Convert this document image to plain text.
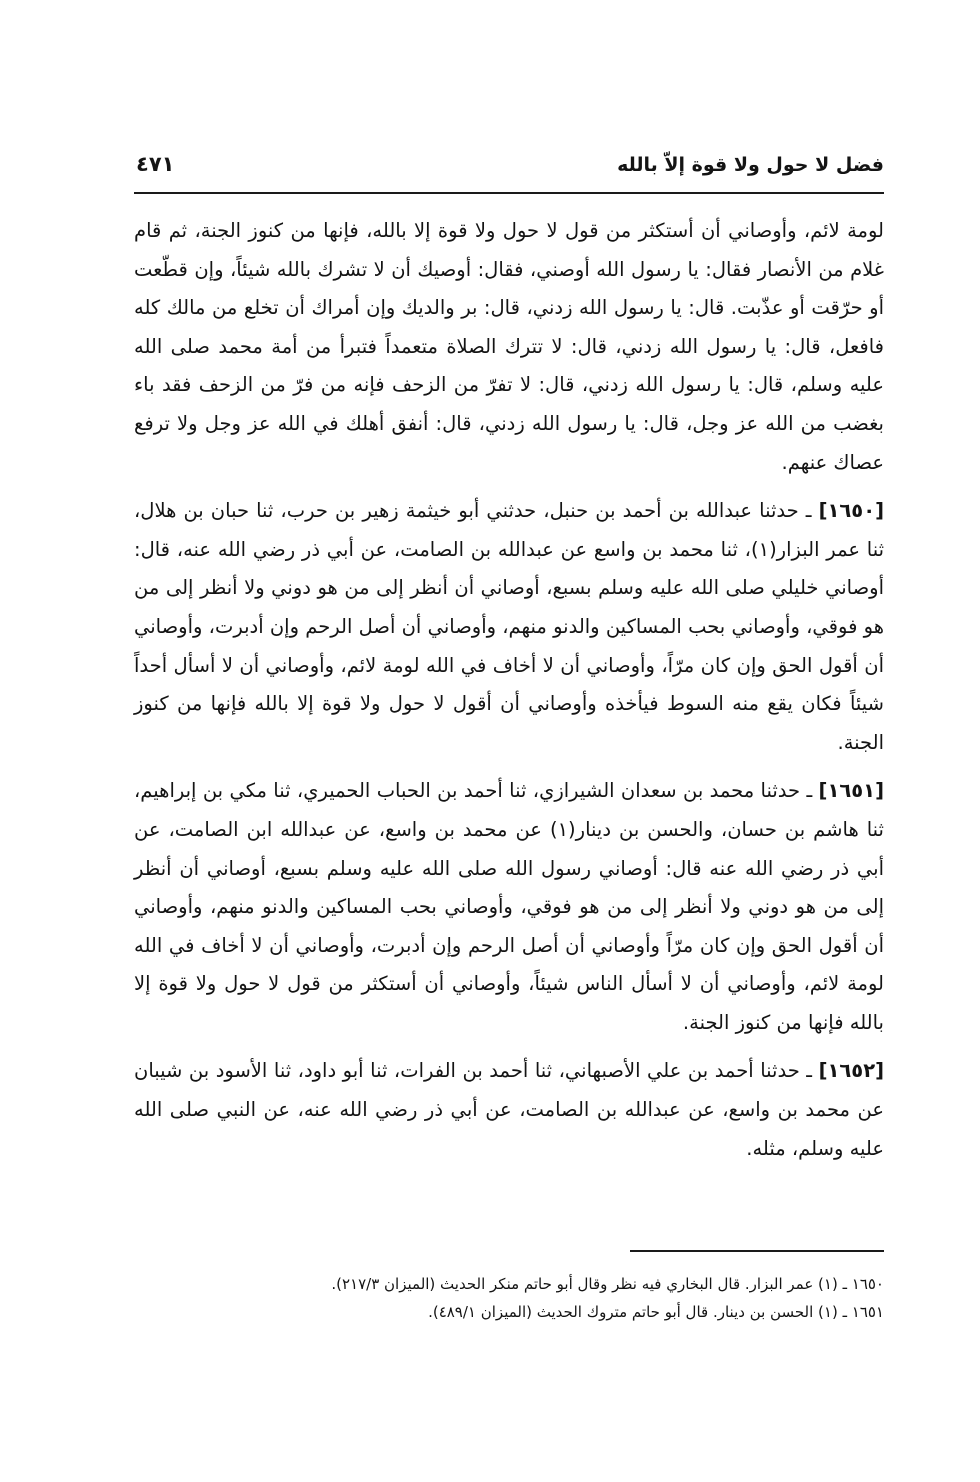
فضل لا حول ولا قوة إلاّ بالله
٤٧١

لومة لائم، وأوصاني أن أستكثر من قول لا حول ولا قوة إلا بالله، فإنها من كنوز الجنة، ثم قام غلام من الأنصار فقال: يا رسول الله أوصني، فقال: أوصيك أن لا تشرك بالله شيئاً، وإن قطّعت أو حرّقت أو عذّبت. قال: يا رسول الله زدني، قال: بر والديك وإن أمراك أن تخلع من مالك كله فافعل، قال: يا رسول الله زدني، قال: لا تترك الصلاة متعمداً فتبرأ من أمة محمد صلى الله عليه وسلم، قال: يا رسول الله زدني، قال: لا تفرّ من الزحف فإنه من فرّ من الزحف فقد باء بغضب من الله عز وجل، قال: يا رسول الله زدني، قال: أنفق أهلك في الله عز وجل ولا ترفع عصاك عنهم.

[١٦٥٠] ـ حدثنا عبدالله بن أحمد بن حنبل، حدثني أبو خيثمة زهير بن حرب، ثنا حبان بن هلال، ثنا عمر البزار(١)، ثنا محمد بن واسع عن عبدالله بن الصامت، عن أبي ذر رضي الله عنه، قال: أوصاني خليلي صلى الله عليه وسلم بسبع، أوصاني أن أنظر إلى من هو دوني ولا أنظر إلى من هو فوقي، وأوصاني بحب المساكين والدنو منهم، وأوصاني أن أصل الرحم وإن أدبرت، وأوصاني أن أقول الحق وإن كان مرّاً، وأوصاني أن لا أخاف في الله لومة لائم، وأوصاني أن لا أسأل أحداً شيئاً فكان يقع منه السوط فيأخذه وأوصاني أن أقول لا حول ولا قوة إلا بالله فإنها من كنوز الجنة.

[١٦٥١] ـ حدثنا محمد بن سعدان الشيرازي، ثنا أحمد بن الحباب الحميري، ثنا مكي بن إبراهيم، ثنا هاشم بن حسان، والحسن بن دينار(١) عن محمد بن واسع، عن عبدالله ابن الصامت، عن أبي ذر رضي الله عنه قال: أوصاني رسول الله صلى الله عليه وسلم بسبع، أوصاني أن أنظر إلى من هو دوني ولا أنظر إلى من هو فوقي، وأوصاني بحب المساكين والدنو منهم، وأوصاني أن أقول الحق وإن كان مرّاً وأوصاني أن أصل الرحم وإن أدبرت، وأوصاني أن لا أخاف في الله لومة لائم، وأوصاني أن لا أسأل الناس شيئاً، وأوصاني أن أستكثر من قول لا حول ولا قوة إلا بالله فإنها من كنوز الجنة.

[١٦٥٢] ـ حدثنا أحمد بن علي الأصبهاني، ثنا أحمد بن الفرات، ثنا أبو داود، ثنا الأسود بن شيبان عن محمد بن واسع، عن عبدالله بن الصامت، عن أبي ذر رضي الله عنه، عن النبي صلى الله عليه وسلم، مثله.

١٦٥٠ ـ (١) عمر البزار. قال البخاري فيه نظر وقال أبو حاتم منكر الحديث (الميزان ٢١٧/٣).

١٦٥١ ـ (١) الحسن بن دينار. قال أبو حاتم متروك الحديث (الميزان ٤٨٩/١).
